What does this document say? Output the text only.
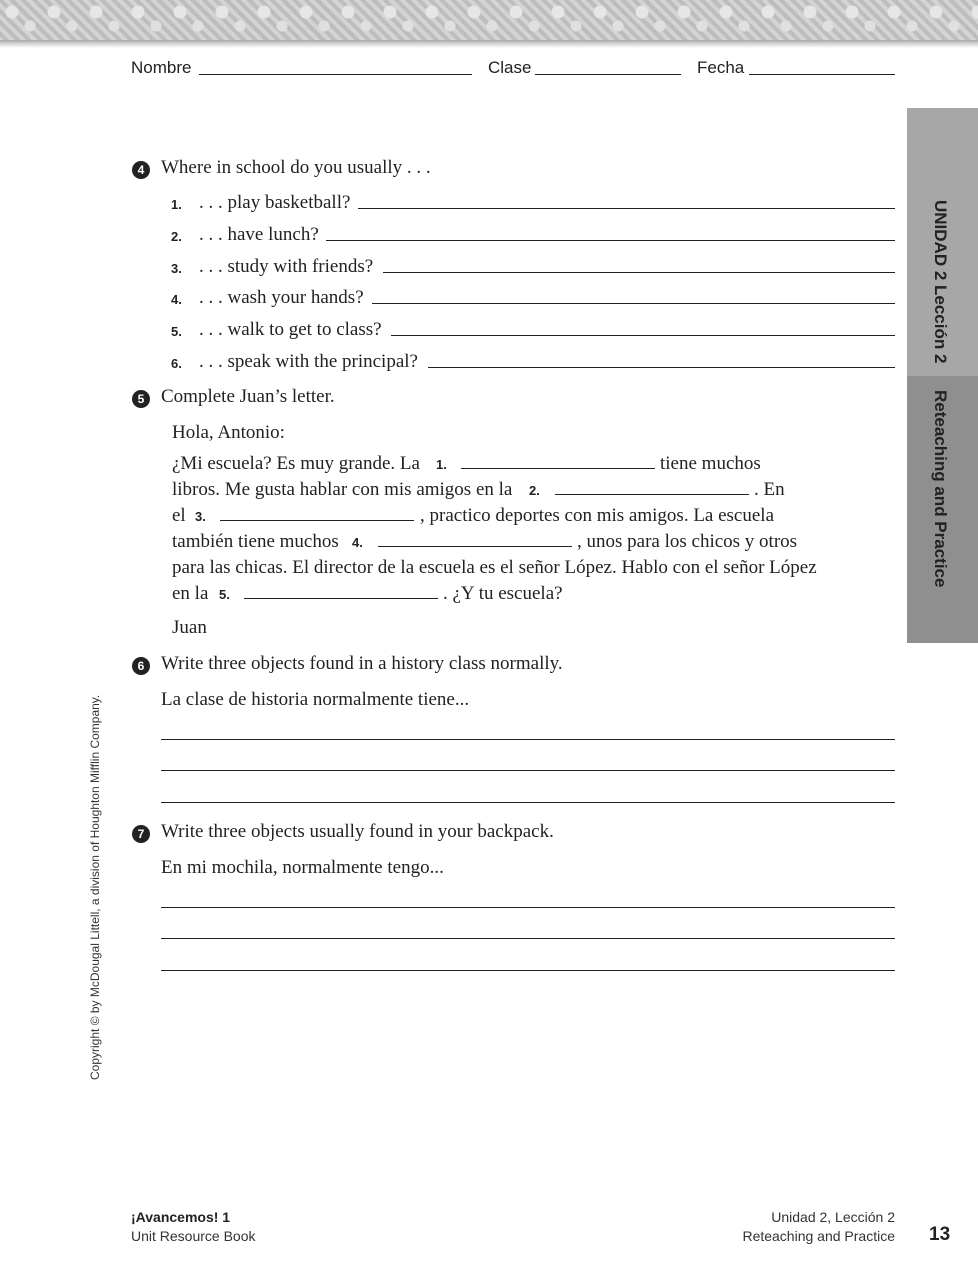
Nombre	Clase	Fecha
UNIDAD 2 Lección 2
Reteaching and Practice
Copyright © by McDougal Littell, a division of Houghton Mifflin Company.
4 Where in school do you usually . . .
1. . . . play basketball?
2. . . . have lunch?
3. . . . study with friends?
4. . . . wash your hands?
5. . . . walk to get to class?
6. . . . speak with the principal?
5 Complete Juan’s letter.
Hola, Antonio:
¿Mi escuela? Es muy grande. La 1.	tiene muchos
libros. Me gusta hablar con mis amigos en la 2.	. En
el 3.	, practico deportes con mis amigos. La escuela
también tiene muchos 4.	, unos para los chicos y otros
para las chicas. El director de la escuela es el señor López. Hablo con el señor López
en la 5.	. ¿Y tu escuela?
Juan
6 Write three objects found in a history class normally.
La clase de historia normalmente tiene...
7 Write three objects usually found in your backpack.
En mi mochila, normalmente tengo...
¡Avancemos! 1
Unit Resource Book
Unidad 2, Lección 2
Reteaching and Practice 13
